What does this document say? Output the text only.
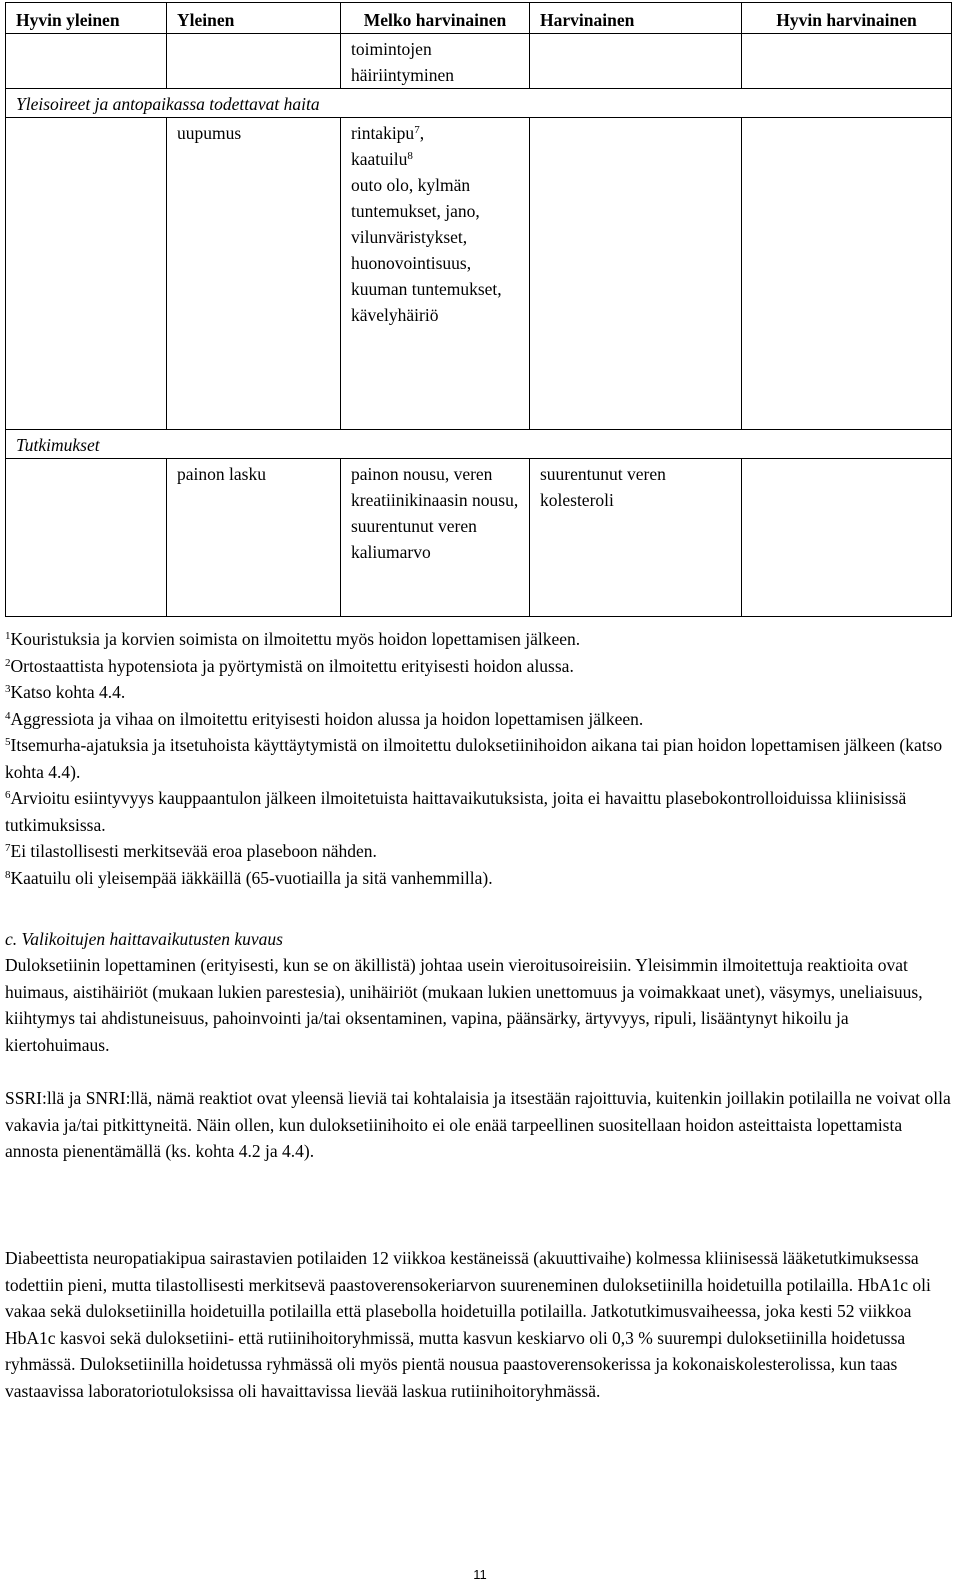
Hyvin yleinen	Yleinen	Melko harvinainen	Harvinainen	Hyvin harvinainen
		toimintojen häiriintyminen		
Yleisoireet ja antopaikassa todettavat haita				
	uupumus	rintakipu$^7$,
kaatuilu$^8$
outo olo, kylmän tuntemukset, jano, vilunväristykset, huonovointisuus, kuuman tuntemukset, kävelyhäiriö		
Tutkimukset				
	painon lasku	painon nousu, veren kreatiinikinaasin nousu, suurentunut veren kaliumarvo	suurentunut veren kolesteroli	

$^1$Kouristuksia ja korvien soimista on ilmoitettu myös hoidon lopettamisen jälkeen.

$^2$Ortostaattista hypotensiota ja pyörtymistä on ilmoitettu erityisesti hoidon alussa.

$^3$Katso kohta 4.4.

$^4$Aggressiota ja vihaa on ilmoitettu erityisesti hoidon alussa ja hoidon lopettamisen jälkeen.

$^5$Itsemurha-ajatuksia ja itsetuhoista käyttäytymistä on ilmoitettu duloksetiinihoidon aikana tai pian hoidon lopettamisen jälkeen (katso kohta 4.4).

$^6$Arvioitu esiintyvyys kauppaantulon jälkeen ilmoitetuista haittavaikutuksista, joita ei havaittu plasebokontrolloiduissa kliinisissä tutkimuksissa.

$^7$Ei tilastollisesti merkitsevää eroa plaseboon nähden.

$^8$Kaatuilu oli yleisempää iäkkäillä (65-vuotiailla ja sitä vanhemmilla).

c. Valikoitujen haittavaikutusten kuvaus

Duloksetiinin lopettaminen (erityisesti, kun se on äkillistä) johtaa usein vieroitusoireisiin. Yleisimmin ilmoitettuja reaktioita ovat huimaus, aistihäiriöt (mukaan lukien parestesia), unihäiriöt (mukaan lukien unettomuus ja voimakkaat unet), väsymys, uneliaisuus, kiihtymys tai ahdistuneisuus, pahoinvointi ja/tai oksentaminen, vapina, päänsärky, ärtyvyys, ripuli, lisääntynyt hikoilu ja kiertohuimaus.

SSRI:llä ja SNRI:llä, nämä reaktiot ovat yleensä lieviä tai kohtalaisia ja itsestään rajoittuvia, kuitenkin joillakin potilailla ne voivat olla vakavia ja/tai pitkittyneitä. Näin ollen, kun duloksetiinihoito ei ole enää tarpeellinen suositellaan hoidon asteittaista lopettamista annosta pienentämällä (ks. kohta 4.2 ja 4.4).

Diabeettista neuropatiakipua sairastavien potilaiden 12 viikkoa kestäneissä (akuuttivaihe) kolmessa kliinisessä lääketutkimuksessa todettiin pieni, mutta tilastollisesti merkitsevä paastoverensokeriarvon suureneminen duloksetiinilla hoidetuilla potilailla. HbA1c oli vakaa sekä duloksetiinilla hoidetuilla potilailla että plasebolla hoidetuilla potilailla. Jatkotutkimusvaiheessa, joka kesti 52 viikkoa HbA1c kasvoi sekä duloksetiini- että rutiinihoitoryhmissä, mutta kasvun keskiarvo oli 0,3 % suurempi duloksetiinilla hoidetussa ryhmässä. Duloksetiinilla hoidetussa ryhmässä oli myös pientä nousua paastoverensokerissa ja kokonaiskolesterolissa, kun taas vastaavissa laboratoriotuloksissa oli havaittavissa lievää laskua rutiinihoitoryhmässä.

11
